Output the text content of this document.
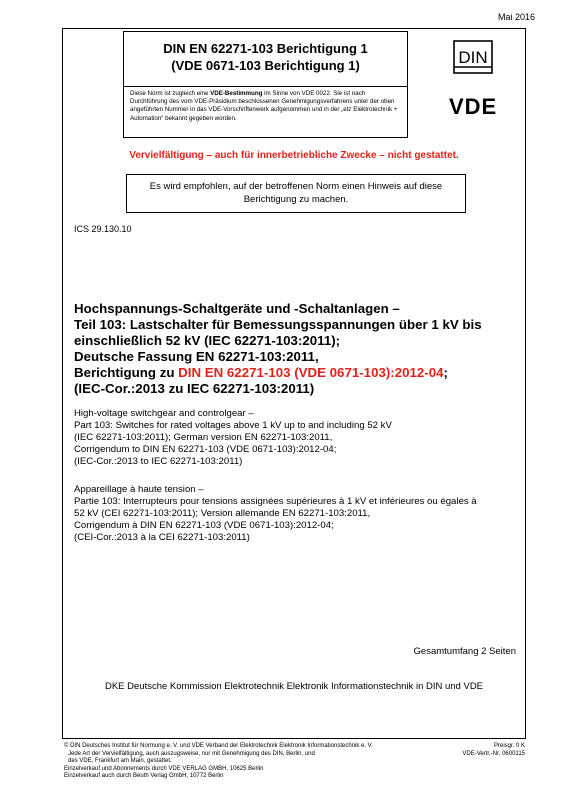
Mai 2016
DIN EN 62271-103 Berichtigung 1
(VDE 0671-103 Berichtigung 1)	DIN
Diese Norm ist zugleich eine VDE-Bestimmung im Sinne von VDE 0022. Sie ist nach Durchführung des vom VDE-Präsidium beschlossenen Genehmigungsverfahrens unter der oben angeführten Nummer in das VDE-Vorschriftenwerk aufgenommen und in der „etz Elektrotechnik + Automation“ bekannt gegeben worden.	VDE
Vervielfältigung – auch für innerbetriebliche Zwecke – nicht gestattet.
Es wird empfohlen, auf der betroffenen Norm einen Hinweis auf diese
Berichtigung zu machen.
ICS 29.130.10
Hochspannungs-Schaltgeräte und -Schaltanlagen –
Teil 103: Lastschalter für Bemessungsspannungen über 1 kV bis
einschließlich 52 kV (IEC 62271-103:2011);
Deutsche Fassung EN 62271-103:2011,
Berichtigung zu DIN EN 62271-103 (VDE 0671-103):2012-04;
(IEC-Cor.:2013 zu IEC 62271-103:2011)
High-voltage switchgear and controlgear –
Part 103: Switches for rated voltages above 1 kV up to and including 52 kV
(IEC 62271-103:2011); German version EN 62271-103:2011,
Corrigendum to DIN EN 62271-103 (VDE 0671-103):2012-04;
(IEC-Cor.:2013 to IEC 62271-103:2011)
Appareillage à haute tension –
Partie 103: Interrupteurs pour tensions assignées supérieures à 1 kV et inférieures ou égales à
52 kV (CEI 62271-103:2011); Version allemande EN 62271-103:2011,
Corrigendum à DIN EN 62271-103 (VDE 0671-103):2012-04;
(CEI-Cor.:2013 à la CEI 62271-103:2011)
Gesamtumfang 2 Seiten
DKE Deutsche Kommission Elektrotechnik Elektronik Informationstechnik in DIN und VDE
© DIN Deutsches Institut für Normung e. V. und VDE Verband der Elektrotechnik Elektronik Informationstechnik e. V.
Jede Art der Vervielfältigung, auch auszugsweise, nur mit Genehmigung des DIN, Berlin, und
des VDE, Frankfurt am Main, gestattet.
Einzelverkauf und Abonnements durch VDE VERLAG GMBH, 10625 Berlin
Einzelverkauf auch durch Beuth Verlag GmbH, 10772 Berlin
Preisgr. 0 K
VDE-Vertr.-Nr. 0600115
